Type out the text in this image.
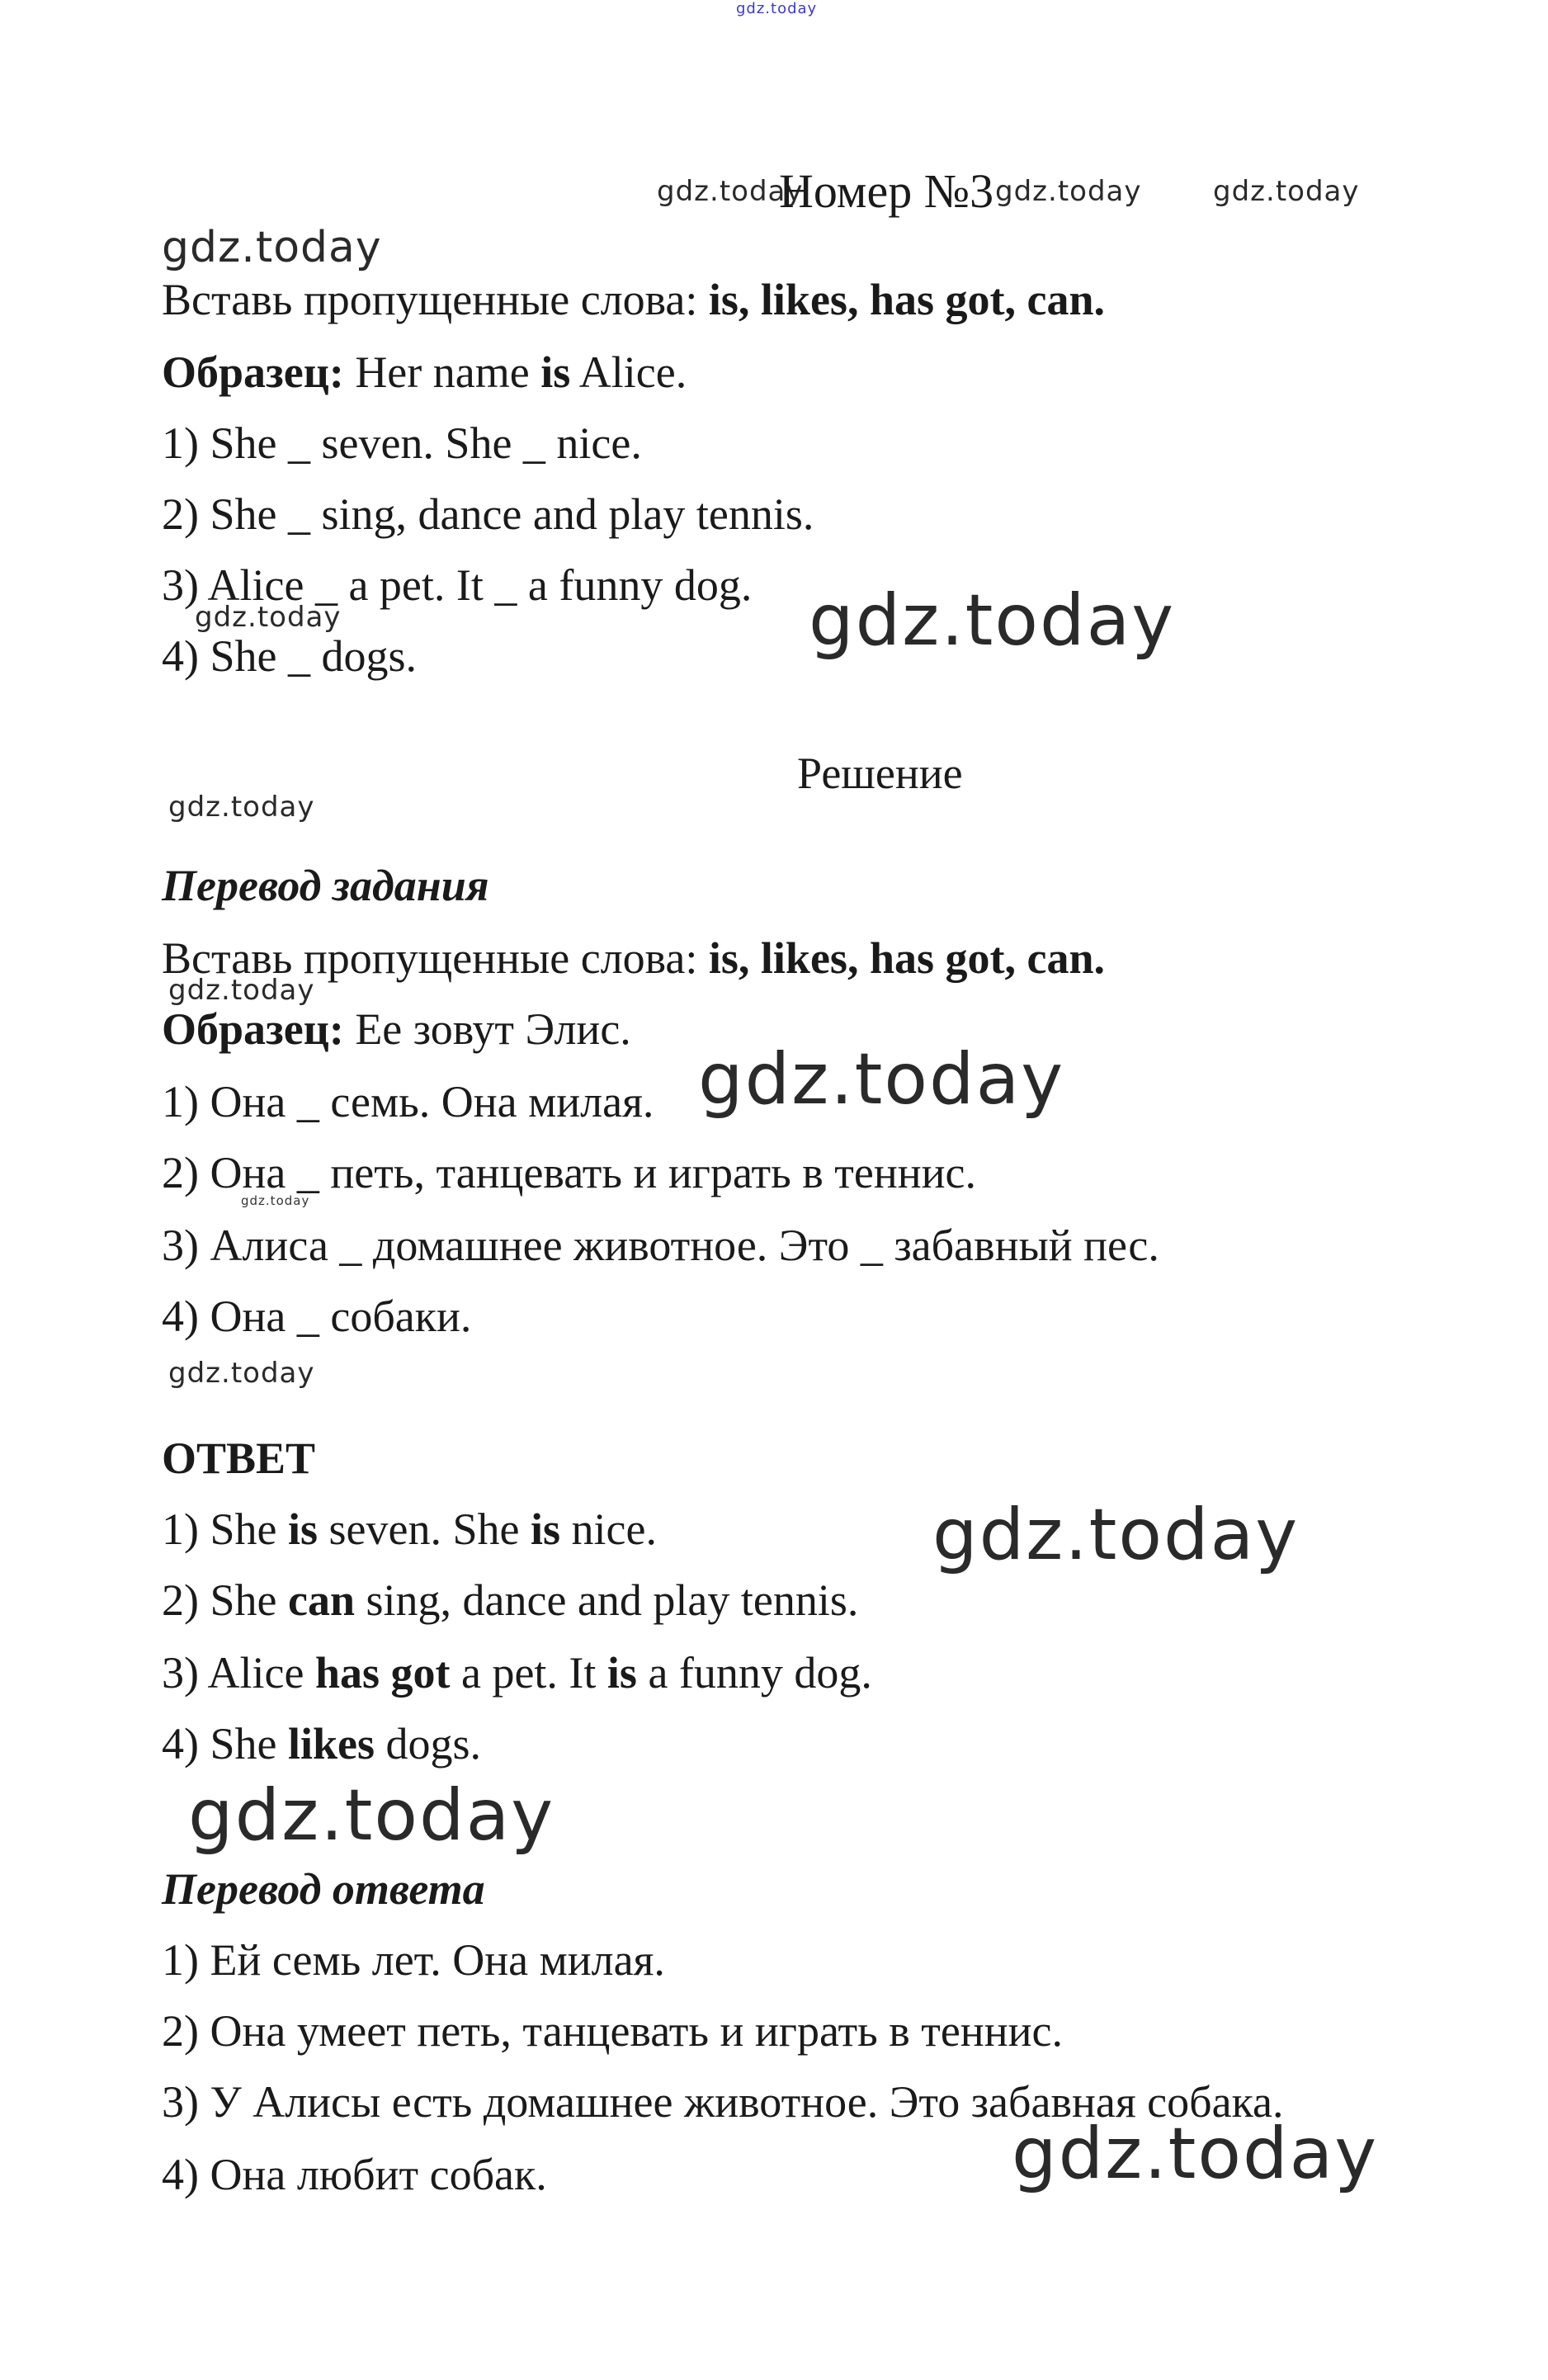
gdz.today
gdz.today	gdz.today	gdz.today
gdz.today
gdz.today	gdz.today
gdz.today
gdz.today
gdz.today
gdz.today
gdz.today
gdz.today
gdz.today
gdz.today
Номер №3
Вставь пропущенные слова: is, likes, has got, can.
Образец: Her name is Alice.
1) She _ seven. She _ nice.
2) She _ sing, dance and play tennis.
3) Alice _ a pet. It _ a funny dog.
4) She _ dogs.
Решение
Перевод задания
Вставь пропущенные слова: is, likes, has got, can.
Образец: Ее зовут Элис.
1) Она _ семь. Она милая.
2) Она _ петь, танцевать и играть в теннис.
3) Алиса _ домашнее животное. Это _ забавный пес.
4) Она _ собаки.
ОТВЕТ
1) She is seven. She is nice.
2) She can sing, dance and play tennis.
3) Alice has got a pet. It is a funny dog.
4) She likes dogs.
Перевод ответа
1) Ей семь лет. Она милая.
2) Она умеет петь, танцевать и играть в теннис.
3) У Алисы есть домашнее животное. Это забавная собака.
4) Она любит собак.
